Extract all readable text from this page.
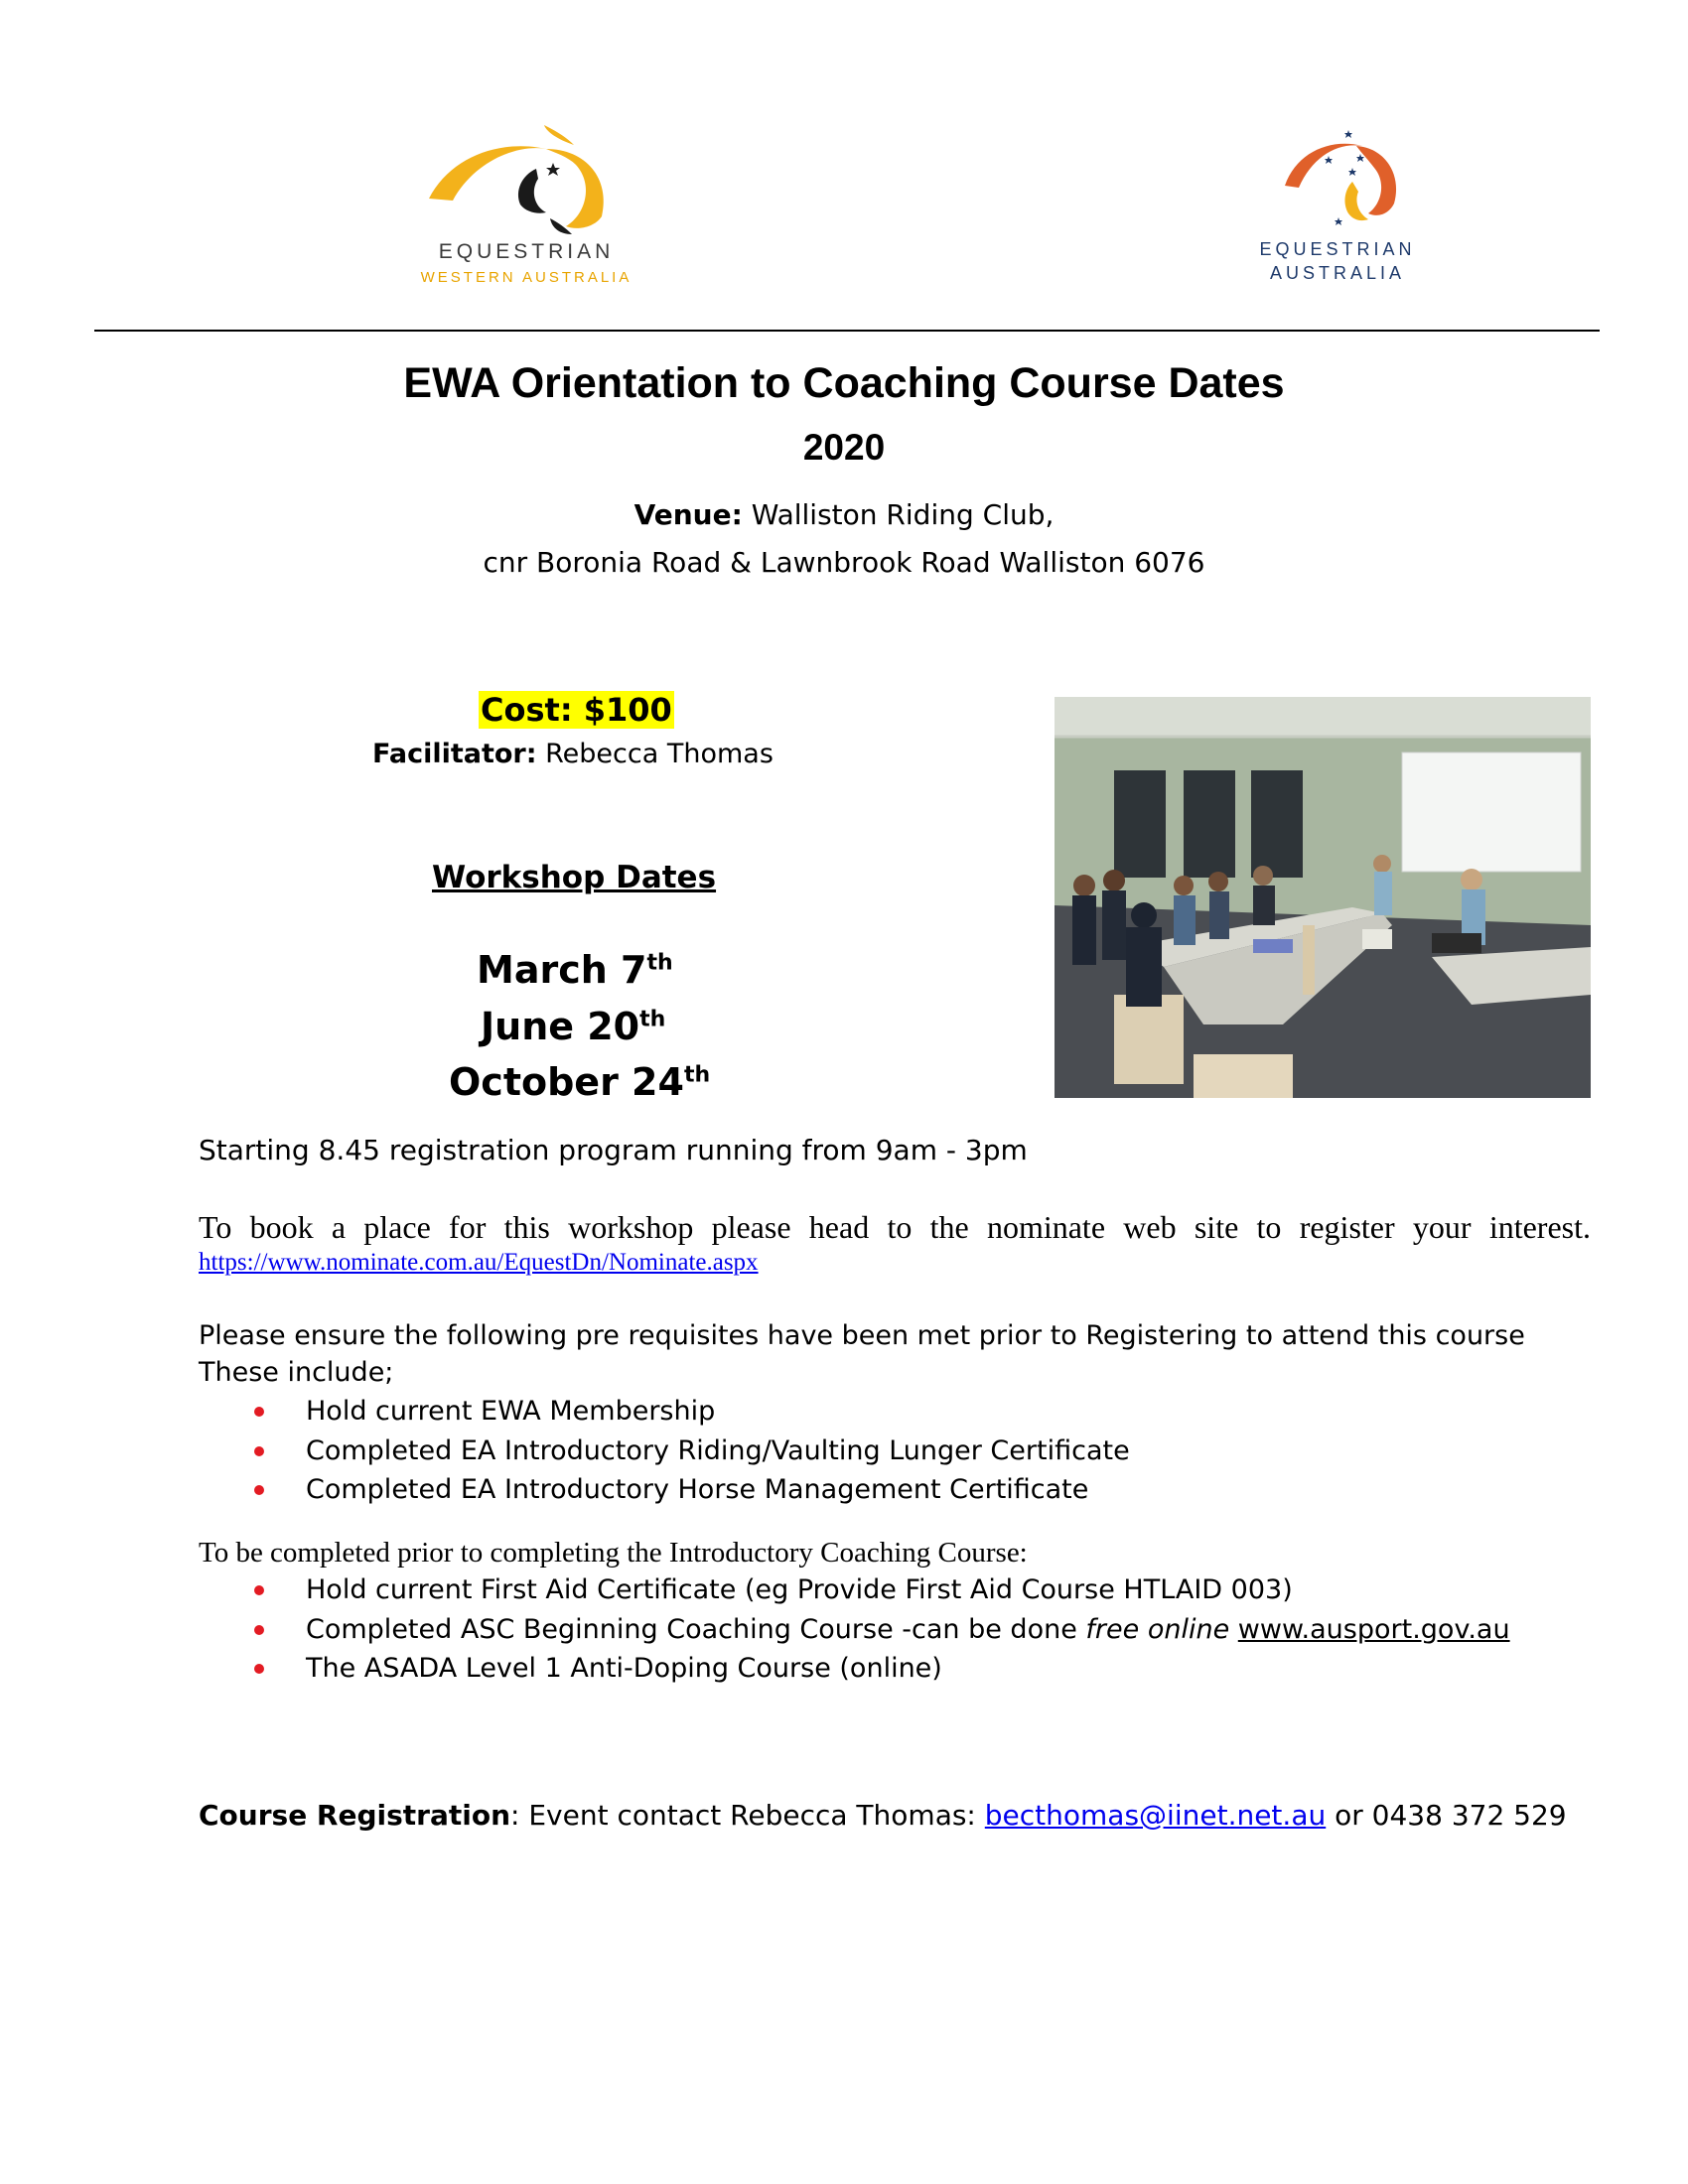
EQUESTRIAN
WESTERN AUSTRALIA
EQUESTRIAN
AUSTRALIA
EWA Orientation to Coaching Course Dates
2020
Venue: Walliston Riding Club,
cnr Boronia Road & Lawnbrook Road Walliston 6076
Cost: $100
Facilitator: Rebecca Thomas
Workshop Dates
March 7th
June 20th
October 24th
Starting 8.45 registration program running from 9am - 3pm
To book a place for this workshop please head to the nominate web site to register your interest.
https://www.nominate.com.au/EquestDn/Nominate.aspx
Please ensure the following pre requisites have been met prior to Registering to attend this course
These include;
Hold current EWA Membership
Completed EA Introductory Riding/Vaulting Lunger Certificate
Completed EA Introductory Horse Management Certificate
To be completed prior to completing the Introductory Coaching Course:
Hold current First Aid Certificate (eg Provide First Aid Course HTLAID 003)
Completed ASC Beginning Coaching Course -can be done free online www.ausport.gov.au
The ASADA Level 1 Anti-Doping Course (online)
Course Registration: Event contact Rebecca Thomas: becthomas@iinet.net.au or 0438 372 529
